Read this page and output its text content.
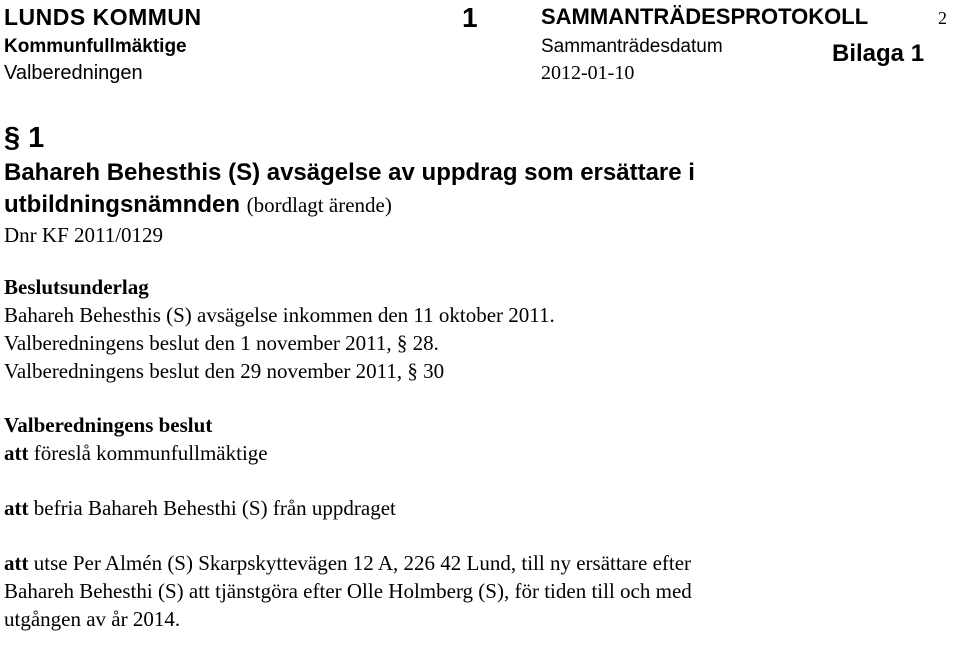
LUNDS KOMMUN
Kommunfullmäktige
Valberedningen
1	SAMMANTRÄDESPROTOKOLL	2
Sammanträdesdatum	Bilaga 1
2012-01-10
§ 1
Bahareh Behesthis (S) avsägelse av uppdrag som ersättare i
utbildningsnämnden (bordlagt ärende)
Dnr KF 2011/0129
Beslutsunderlag
Bahareh Behesthis (S) avsägelse inkommen den 11 oktober 2011.
Valberedningens beslut den 1 november 2011, § 28.
Valberedningens beslut den 29 november 2011, § 30
Valberedningens beslut
att föreslå kommunfullmäktige
att befria Bahareh Behesthi (S) från uppdraget
att utse Per Almén (S) Skarpskyttevägen 12 A, 226 42 Lund, till ny ersättare efter
Bahareh Behesthi (S) att tjänstgöra efter Olle Holmberg (S), för tiden till och med
utgången av år 2014.
